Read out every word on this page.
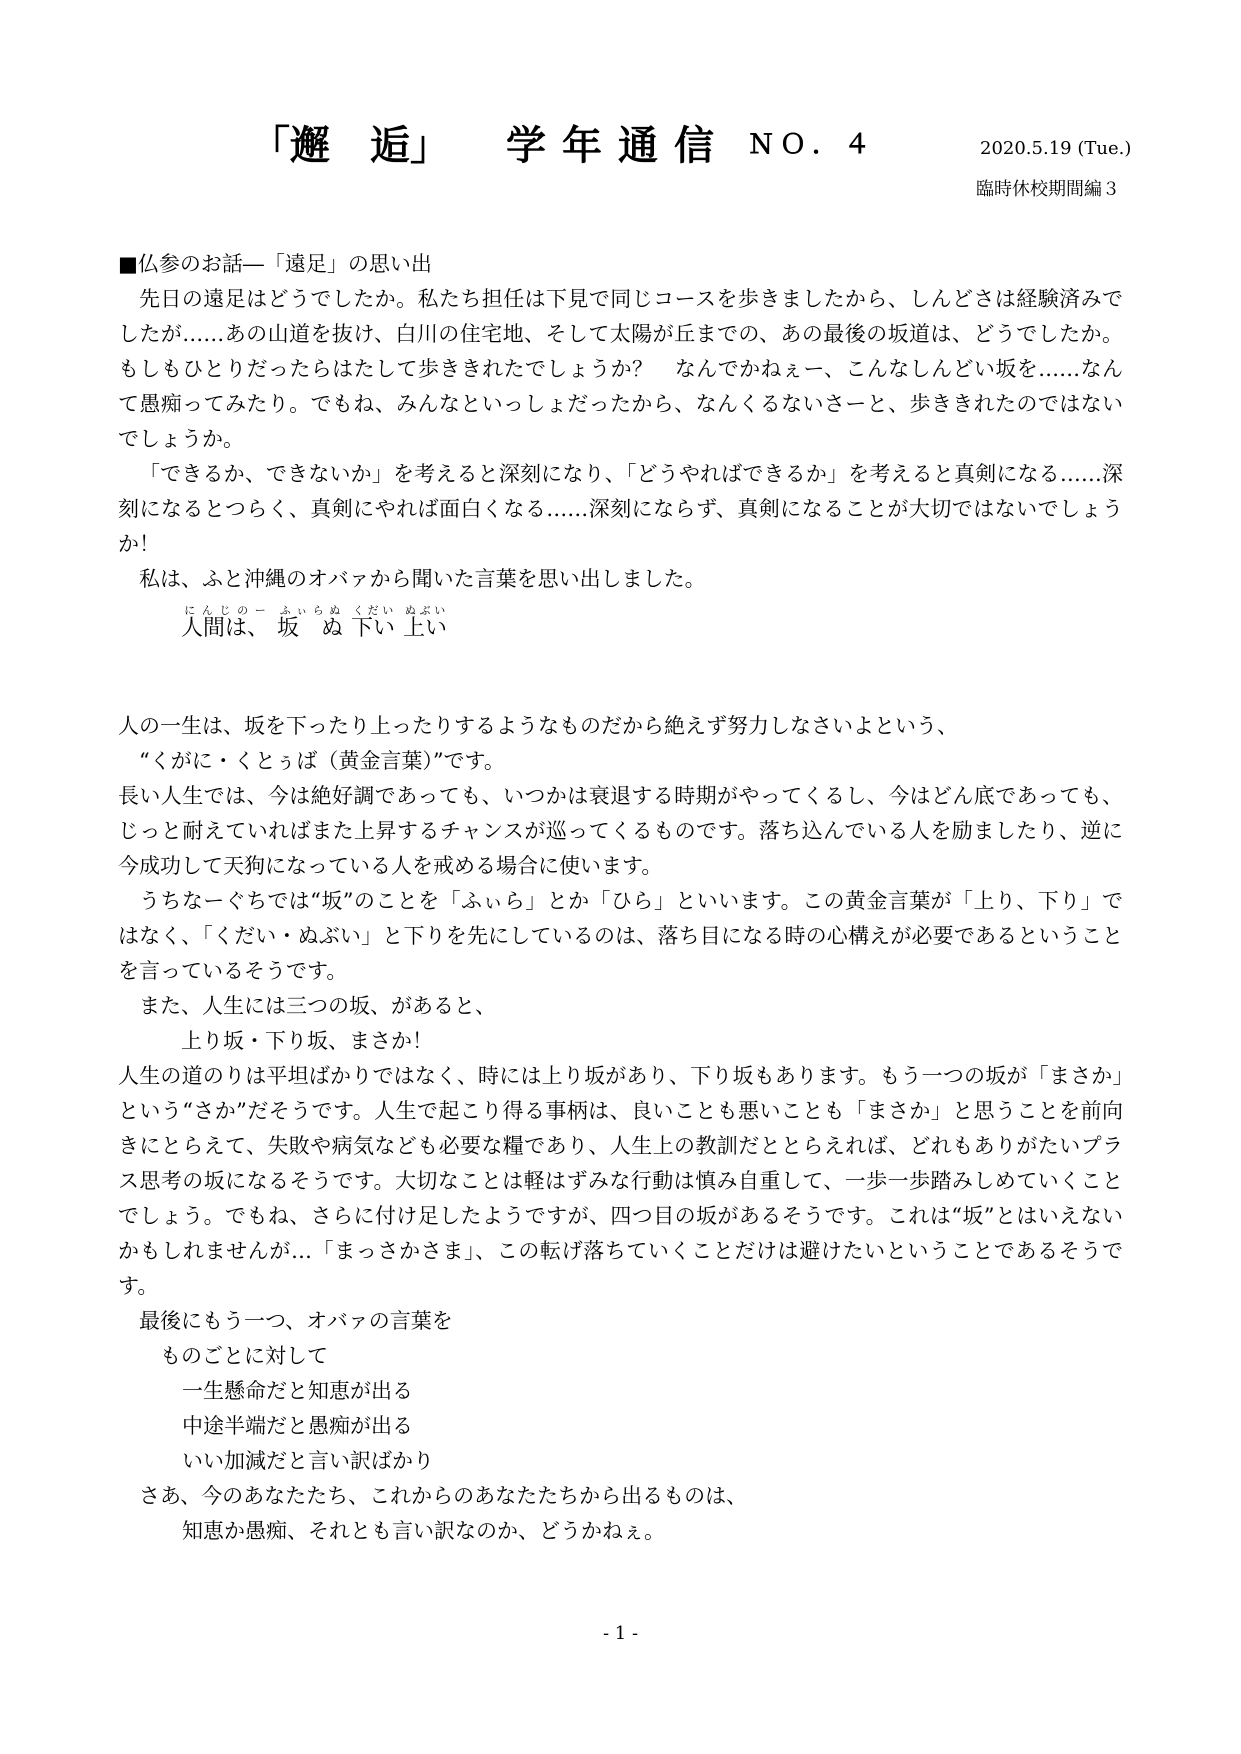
「邂　逅」 学年通信 ＮＯ．４	2020.5.19 (Tue.)
臨時休校期間編３

■仏参のお話―「遠足」の思い出

先日の遠足はどうでしたか。私たち担任は下見で同じコースを歩きましたから、しんどさは経験済みでしたが……あの山道を抜け、白川の住宅地、そして太陽が丘までの、あの最後の坂道は、どうでしたか。もしもひとりだったらはたして歩ききれたでしょうか？　なんでかねぇー、こんなしんどい坂を……なんて愚痴ってみたり。でもね、みんなといっしょだったから、なんくるないさーと、歩ききれたのではないでしょうか。

「できるか、できないか」を考えると深刻になり、「どうやればできるか」を考えると真剣になる……深刻になるとつらく、真剣にやれば面白くなる……深刻にならず、真剣になることが大切ではないでしょうか！

私は、ふと沖縄のオバァから聞いた言葉を思い出しました。

人間は、にんじのー坂　ぬふぃらぬ下いくだい上いぬぶい

人の一生は、坂を下ったり上ったりするようなものだから絶えず努力しなさいよという、

“くがに・くとぅば（黄金言葉）”です。

長い人生では、今は絶好調であっても、いつかは衰退する時期がやってくるし、今はどん底であっても、じっと耐えていればまた上昇するチャンスが巡ってくるものです。落ち込んでいる人を励ましたり、逆に今成功して天狗になっている人を戒める場合に使います。

うちなーぐちでは“坂”のことを「ふぃら」とか「ひら」といいます。この黄金言葉が「上り、下り」ではなく、「くだい・ぬぶい」と下りを先にしているのは、落ち目になる時の心構えが必要であるということを言っているそうです。

また、人生には三つの坂、があると、

上り坂・下り坂、まさか！

人生の道のりは平坦ばかりではなく、時には上り坂があり、下り坂もあります。もう一つの坂が「まさか」という“さか”だそうです。人生で起こり得る事柄は、良いことも悪いことも「まさか」と思うことを前向きにとらえて、失敗や病気なども必要な糧であり、人生上の教訓だととらえれば、どれもありがたいプラス思考の坂になるそうです。大切なことは軽はずみな行動は慎み自重して、一歩一歩踏みしめていくことでしょう。でもね、さらに付け足したようですが、四つ目の坂があるそうです。これは“坂”とはいえないかもしれませんが…「まっさかさま」、この転げ落ちていくことだけは避けたいということであるそうです。

最後にもう一つ、オバァの言葉を

ものごとに対して

一生懸命だと知恵が出る

中途半端だと愚痴が出る

いい加減だと言い訳ばかり

さあ、今のあなたたち、これからのあなたたちから出るものは、

知恵か愚痴、それとも言い訳なのか、どうかねぇ。

- 1 -
